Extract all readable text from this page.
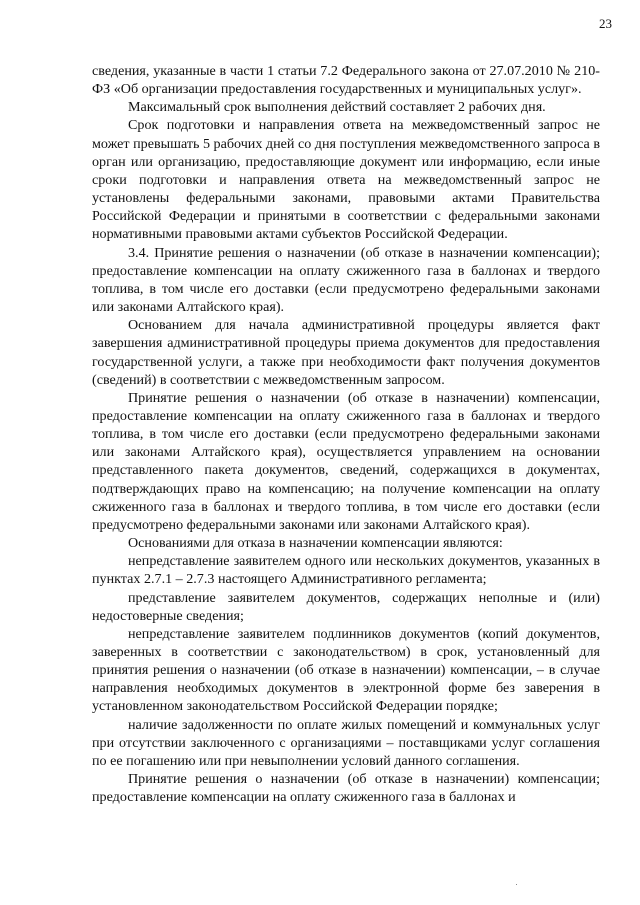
23

сведения, указанные в части 1 статьи 7.2 Федерального закона от 27.07.2010 № 210-ФЗ «Об организации предоставления государственных и муниципальных услуг».

Максимальный срок выполнения действий составляет 2 рабочих дня.

Срок подготовки и направления ответа на межведомственный запрос не может превышать 5 рабочих дней со дня поступления межведомственного запроса в орган или организацию, предоставляющие документ или информацию, если иные сроки подготовки и направления ответа на межведомственный запрос не установлены федеральными законами, правовыми актами Правительства Российской Федерации и принятыми в соответствии с федеральными законами нормативными правовыми актами субъектов Российской Федерации.

3.4. Принятие решения о назначении (об отказе в назначении компенсации); предоставление компенсации на оплату сжиженного газа в баллонах и твердого топлива, в том числе его доставки (если предусмотрено федеральными законами или законами Алтайского края).

Основанием для начала административной процедуры является факт завершения административной процедуры приема документов для предоставления государственной услуги, а также при необходимости факт получения документов (сведений) в соответствии с межведомственным запросом.

Принятие решения о назначении (об отказе в назначении) компенсации, предоставление компенсации на оплату сжиженного газа в баллонах и твердого топлива, в том числе его доставки (если предусмотрено федеральными законами или законами Алтайского края), осуществляется управлением на основании представленного пакета документов, сведений, содержащихся в документах, подтверждающих право на компенсацию; на получение компенсации на оплату сжиженного газа в баллонах и твердого топлива, в том числе его доставки (если предусмотрено федеральными законами или законами Алтайского края).

Основаниями для отказа в назначении компенсации являются:

непредставление заявителем одного или нескольких документов, указанных в пунктах 2.7.1 – 2.7.3 настоящего Административного регламента;

представление заявителем документов, содержащих неполные и (или) недостоверные сведения;

непредставление заявителем подлинников документов (копий документов, заверенных в соответствии с законодательством) в срок, установленный для принятия решения о назначении (об отказе в назначении) компенсации, – в случае направления необходимых документов в электронной форме без заверения в установленном законодательством Российской Федерации порядке;

наличие задолженности по оплате жилых помещений и коммунальных услуг при отсутствии заключенного с организациями – поставщиками услуг соглашения по ее погашению или при невыполнении условий данного соглашения.

Принятие решения о назначении (об отказе в назначении) компенсации; предоставление компенсации на оплату сжиженного газа в баллонах и
